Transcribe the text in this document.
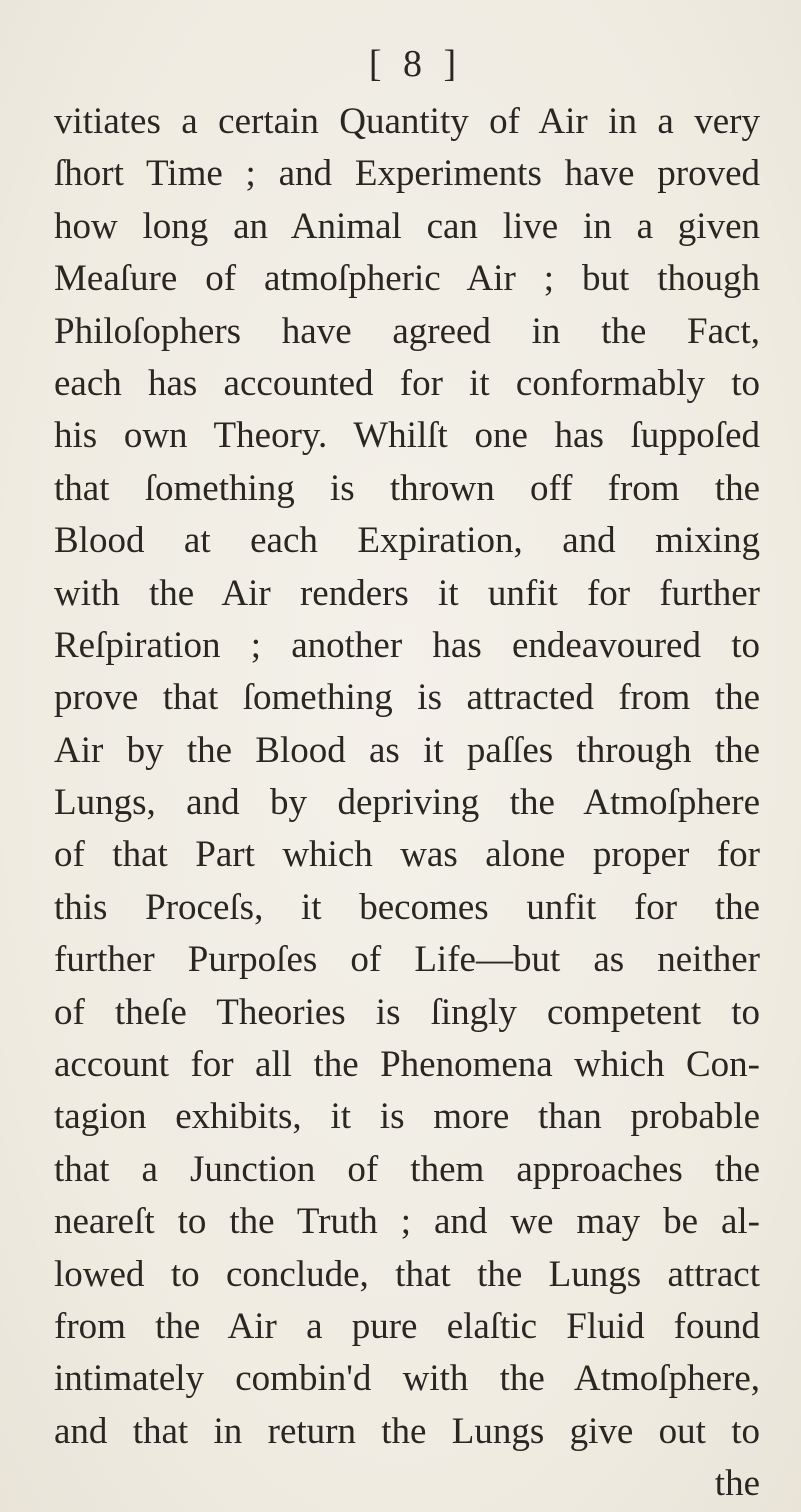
[ 8 ]
vitiates a certain Quantity of Air in a very
ſhort Time ; and Experiments have proved
how long an Animal can live in a given
Meaſure of atmoſpheric Air ; but though
Philoſophers have agreed in the Fact,
each has accounted for it conformably to
his own Theory. Whilſt one has ſuppoſed
that ſomething is thrown off from the
Blood at each Expiration, and mixing
with the Air renders it unfit for further
Reſpiration ; another has endeavoured to
prove that ſomething is attracted from the
Air by the Blood as it paſſes through the
Lungs, and by depriving the Atmoſphere
of that Part which was alone proper for
this Proceſs, it becomes unfit for the
further Purpoſes of Life—but as neither
of theſe Theories is ſingly competent to
account for all the Phenomena which Con-
tagion exhibits, it is more than probable
that a Junction of them approaches the
neareſt to the Truth ; and we may be al-
lowed to conclude, that the Lungs attract
from the Air a pure elaſtic Fluid found
intimately combin'd with the Atmoſphere,
and that in return the Lungs give out to
the
